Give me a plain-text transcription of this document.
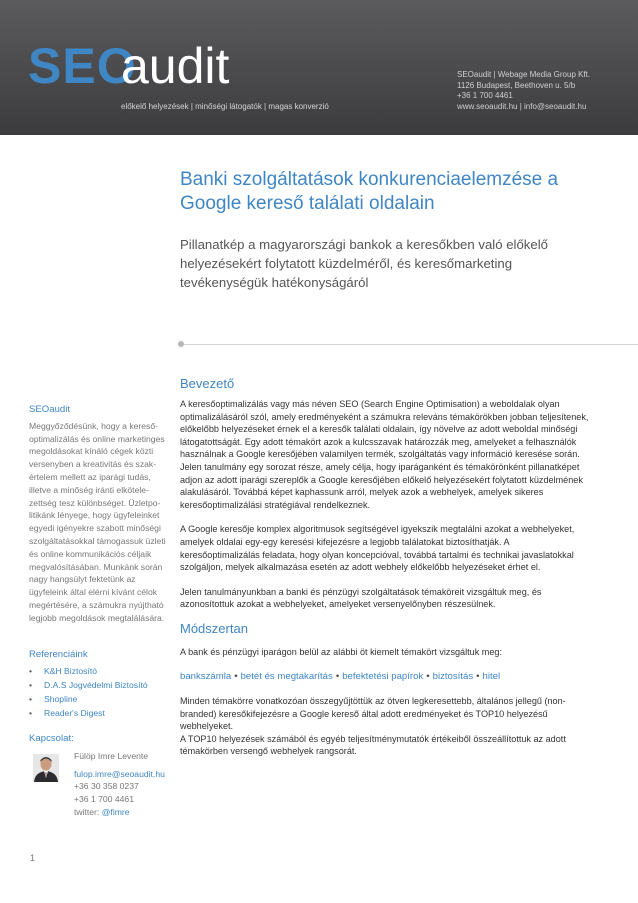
SEO
audit
előkelő helyezések | minőségi látogatók | magas konverzió
SEOaudit | Webage Media Group Kft.
1126 Budapest, Beethoven u. 5/b
+36 1 700 4461
www.seoaudit.hu | info@seoaudit.hu
Banki szolgáltatások konkurenciaelemzése a Google kereső találati oldalain
Pillanatkép a magyarországi bankok a keresőkben való előkelő helyezésekért folytatott küzdelméről, és keresőmarketing tevékenységük hatékonyságáról
SEOaudit
Meggyőződésünk, hogy a kereső-optimalizálás és online marketinges megoldásokat kínáló cégek közti versenyben a kreativitás és szak-értelem mellett az iparági tudás, illetve a minőség iránti elkötele-zettség tesz különbséget. Üzletpo-litikánk lényege, hogy ügyfeleinket egyedi igényekre szabott minőségi szolgáltatásokkal támogassuk üzleti és online kommunikációs céljaik megvalósításában. Munkánk során nagy hangsúlyt fektetünk az ügyfeleink által elérni kívánt célok megértésére, a számukra nyújtható legjobb megoldások megtalálására.
Referenciáink
• K&H Biztosító
• D.A.S Jogvédelmi Biztosító
• Shopline
• Reader's Digest
Kapcsolat:
Fülöp Imre Levente
fulop.imre@seoaudit.hu
+36 30 358 0237
+36 1 700 4461
twitter: @fimre
Bevezető

A keresőoptimalizálás vagy más néven SEO (Search Engine Optimisation) a weboldalak olyan optimalizálásáról szól, amely eredményeként a számukra releváns témakörökben jobban teljesítenek, előkelőbb helyezéseket érnek el a keresők találati oldalain, így növelve az adott weboldal minőségi látogatottságát. Egy adott témakört azok a kulcsszavak határozzák meg, amelyeket a felhasználók használnak a Google keresőjében valamilyen termék, szolgáltatás vagy információ keresése során. Jelen tanulmány egy sorozat része, amely célja, hogy iparáganként és témakörönként pillanatképet adjon az adott iparági szereplők a Google keresőjében előkelő helyezésekért folytatott küzdelmének alakulásáról. Továbbá képet kaphassunk arról, melyek azok a webhelyek, amelyek sikeres keresőoptimalizálási stratégiával rendelkeznek.

A Google keresője komplex algoritmusok segítségével igyekszik megtalálni azokat a webhelyeket, amelyek oldalai egy-egy keresési kifejezésre a legjobb találatokat biztosíthatják. A keresőoptimalizálás feladata, hogy olyan koncepcióval, továbbá tartalmi és technikai javaslatokkal szolgáljon, melyek alkalmazása esetén az adott webhely előkelőbb helyezéseket érhet el.

Jelen tanulmányunkban a banki és pénzügyi szolgáltatások témaköreit vizsgáltuk meg, és azonosítottuk azokat a webhelyeket, amelyeket versenyelőnyben részesülnek.

Módszertan

A bank és pénzügyi iparágon belül az alábbi öt kiemelt témakört vizsgáltuk meg:

bankszámla • betét és megtakarítás • befektetési papírok • biztosítás • hitel

Minden témakörre vonatkozóan összegyűjtöttük az ötven legkeresettebb, általános jellegű (non-branded) keresőkifejezésre a Google kereső által adott eredményeket és TOP10 helyezésű webhelyeket.

A TOP10 helyezések számából és egyéb teljesítménymutatók értékeiből összeállítottuk az adott témakörben versengő webhelyek rangsorát.

1
